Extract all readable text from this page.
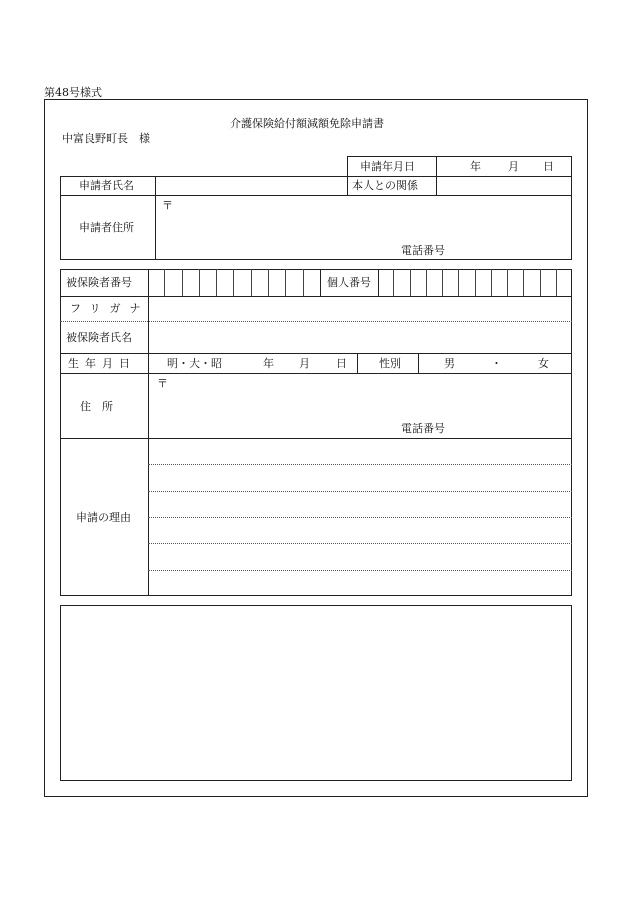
第48号様式
介護保険給付額減額免除申請書
中富良野町長　様
申請年月日	年 月 日
申請者氏名	本人との関係
申請者住所
〒
電話番号
被保険者番号	個人番号
フリガナ
被保険者氏名
生年月日	明・大・昭	年 月 日	性別	男	・	女
住　所
〒
電話番号
申請の理由
